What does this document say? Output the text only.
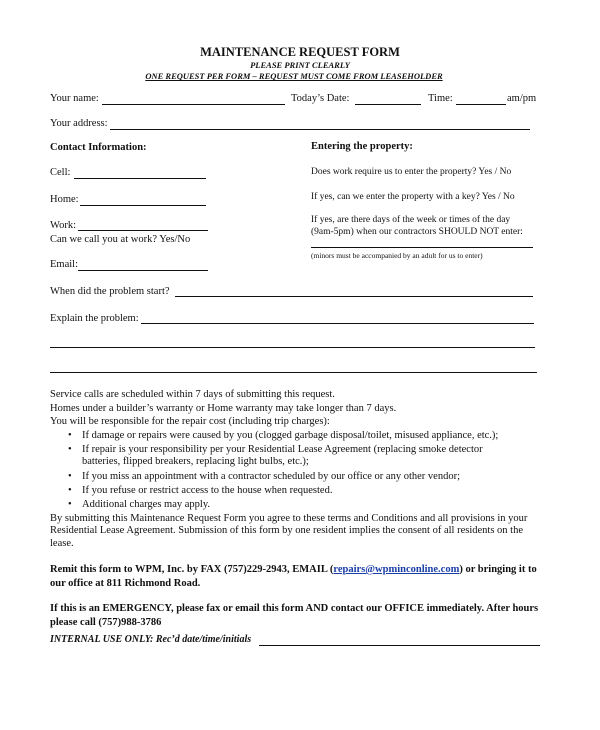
MAINTENANCE REQUEST FORM
PLEASE PRINT CLEARLY
ONE REQUEST PER FORM – REQUEST MUST COME FROM LEASEHOLDER
Your name:	Today’s Date:	Time:	am/pm
Your address:
Contact Information:	Entering the property:
Cell:
Home:
Work:
Can we call you at work? Yes/No
Email:
Does work require us to enter the property? Yes / No
If yes, can we enter the property with a key? Yes / No
If yes, are there days of the week or times of the day
(9am-5pm) when our contractors SHOULD NOT enter:
(minors must be accompanied by an adult for us to enter)
When did the problem start?
Explain the problem:
Service calls are scheduled within 7 days of submitting this request.
Homes under a builder’s warranty or Home warranty may take longer than 7 days.
You will be responsible for the repair cost (including trip charges):
• If damage or repairs were caused by you (clogged garbage disposal/toilet, misused appliance, etc.);
• If repair is your responsibility per your Residential Lease Agreement (replacing smoke detector batteries, flipped breakers, replacing light bulbs, etc.);
• If you miss an appointment with a contractor scheduled by our office or any other vendor;
• If you refuse or restrict access to the house when requested.
• Additional charges may apply.
By submitting this Maintenance Request Form you agree to these terms and Conditions and all provisions in your Residential Lease Agreement. Submission of this form by one resident implies the consent of all residents on the lease.
Remit this form to WPM, Inc. by FAX (757)229-2943, EMAIL (repairs@wpminconline.com) or bringing it to our office at 811 Richmond Road.
If this is an EMERGENCY, please fax or email this form AND contact our OFFICE immediately. After hours please call (757)988-3786
INTERNAL USE ONLY: Rec’d date/time/initials
